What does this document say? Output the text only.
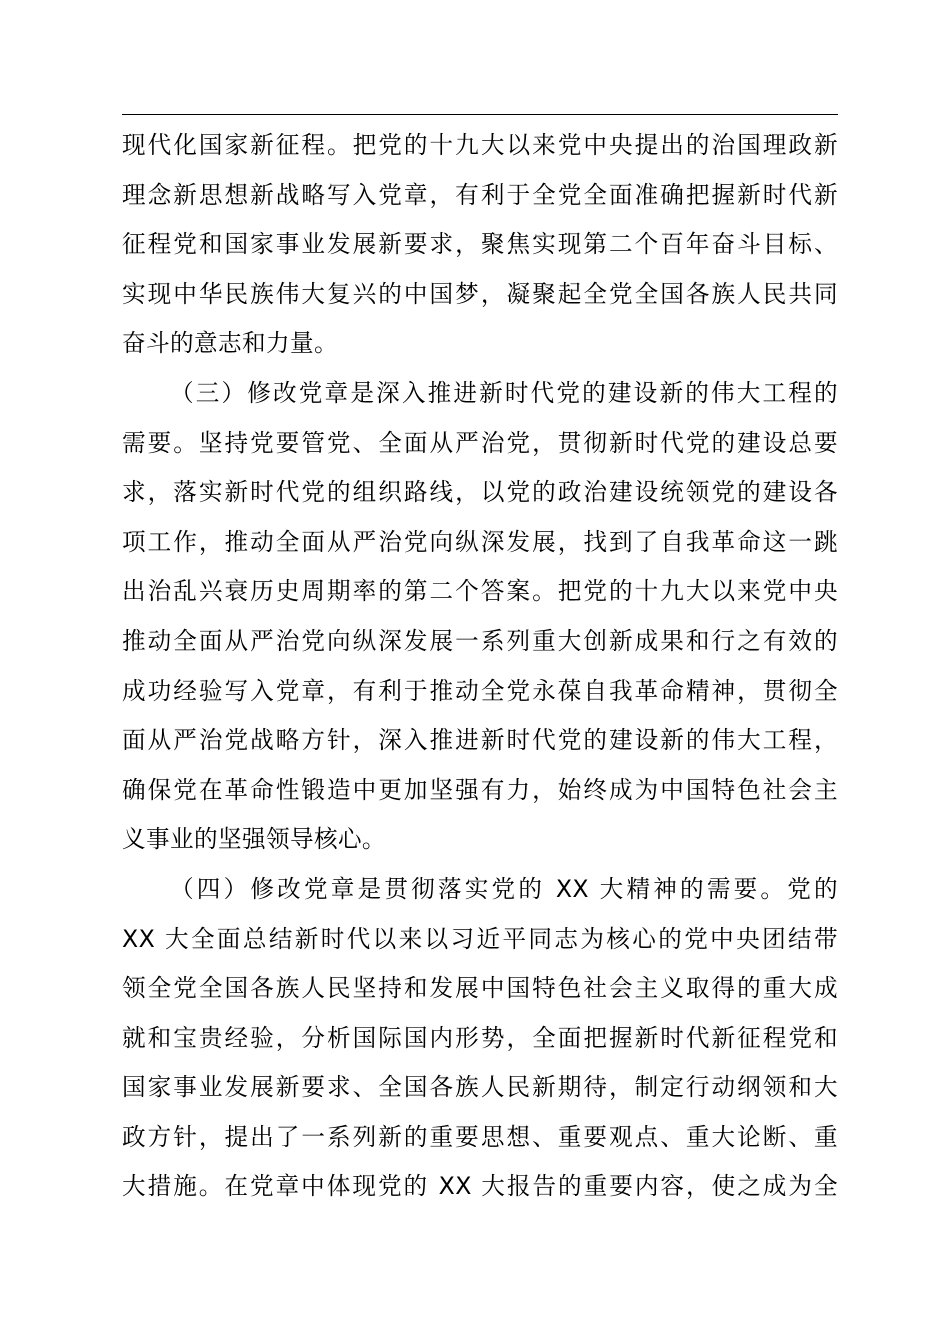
现代化国家新征程。把党的十九大以来党中央提出的治国理政新
理念新思想新战略写入党章，有利于全党全面准确把握新时代新
征程党和国家事业发展新要求，聚焦实现第二个百年奋斗目标、
实现中华民族伟大复兴的中国梦，凝聚起全党全国各族人民共同
奋斗的意志和力量。

（三）修改党章是深入推进新时代党的建设新的伟大工程的
需要。坚持党要管党、全面从严治党，贯彻新时代党的建设总要
求，落实新时代党的组织路线，以党的政治建设统领党的建设各
项工作，推动全面从严治党向纵深发展，找到了自我革命这一跳
出治乱兴衰历史周期率的第二个答案。把党的十九大以来党中央
推动全面从严治党向纵深发展一系列重大创新成果和行之有效的
成功经验写入党章，有利于推动全党永葆自我革命精神，贯彻全
面从严治党战略方针，深入推进新时代党的建设新的伟大工程，
确保党在革命性锻造中更加坚强有力，始终成为中国特色社会主
义事业的坚强领导核心。

（四）修改党章是贯彻落实党的 XX 大精神的需要。党的
XX 大全面总结新时代以来以习近平同志为核心的党中央团结带
领全党全国各族人民坚持和发展中国特色社会主义取得的重大成
就和宝贵经验，分析国际国内形势，全面把握新时代新征程党和
国家事业发展新要求、全国各族人民新期待，制定行动纲领和大
政方针，提出了一系列新的重要思想、重要观点、重大论断、重
大措施。在党章中体现党的 XX 大报告的重要内容，使之成为全
